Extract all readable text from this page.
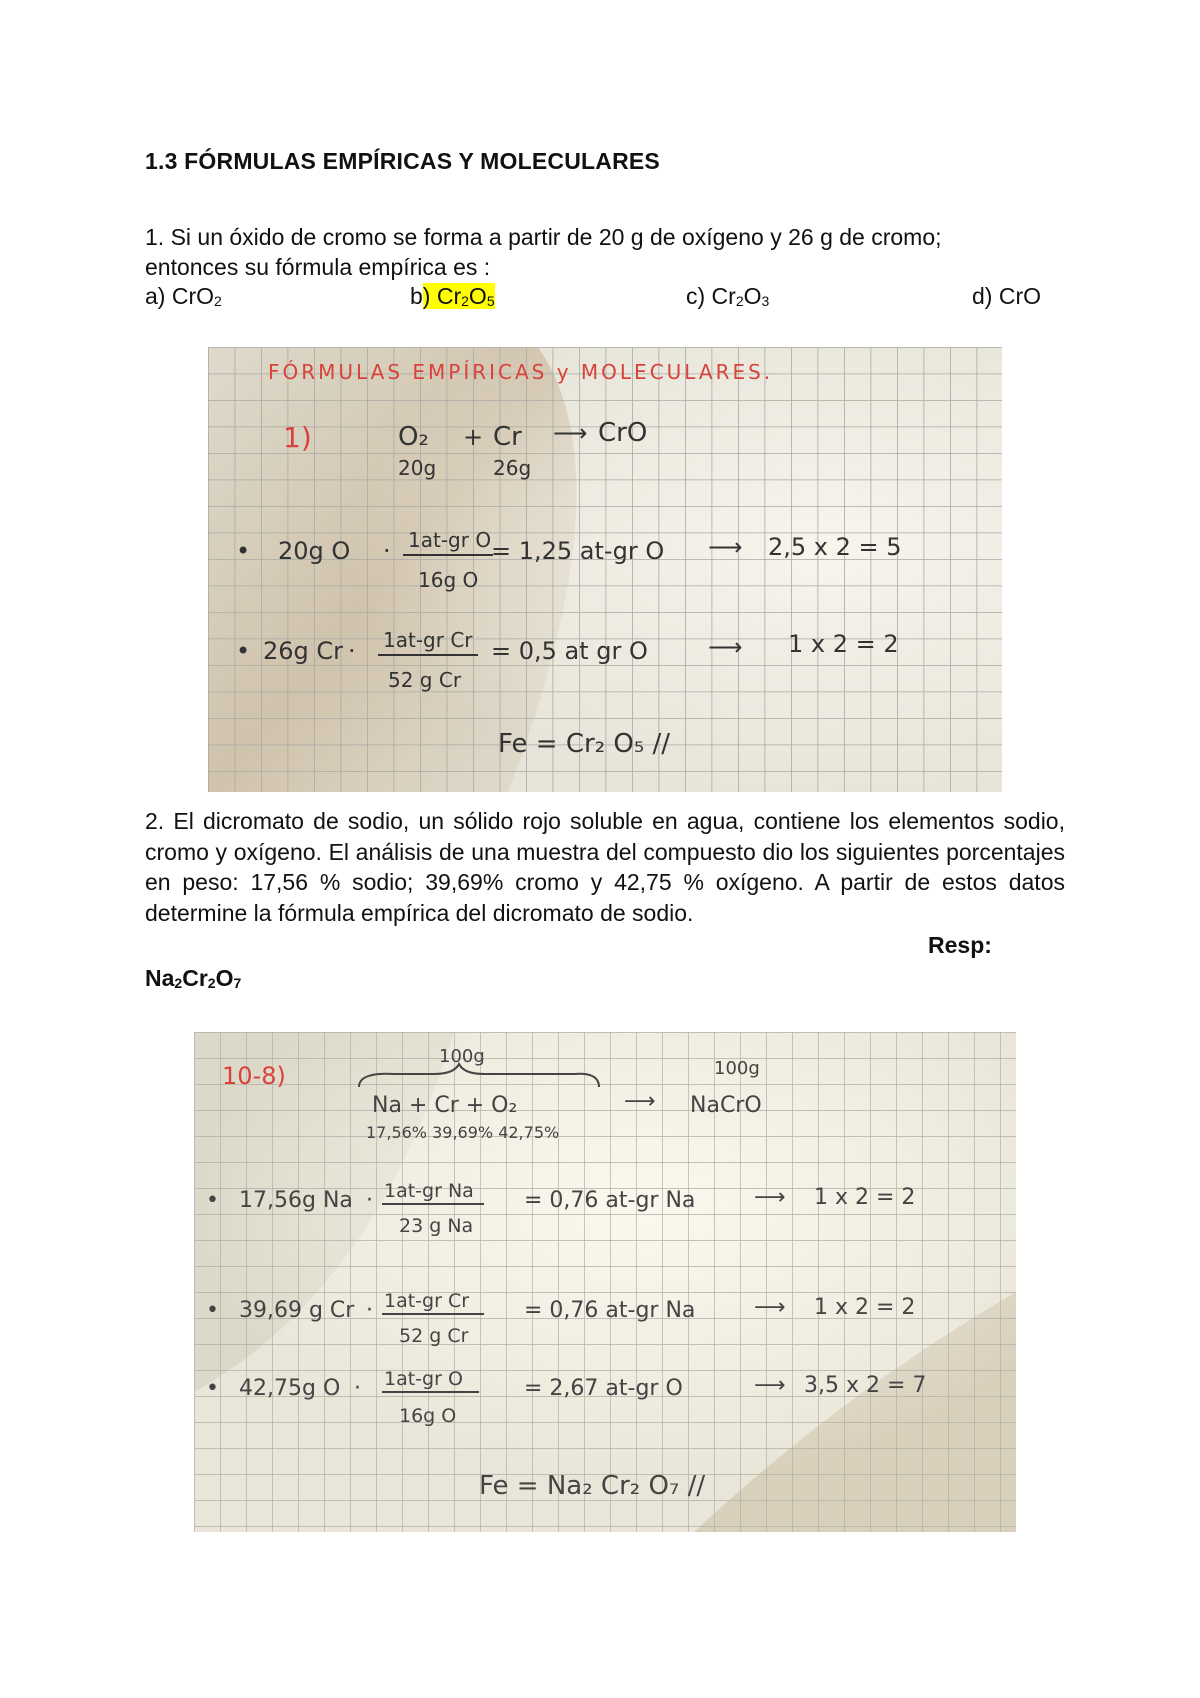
1.3 FÓRMULAS EMPÍRICAS Y MOLECULARES
1. Si un óxido de cromo se forma a partir de 20 g de oxígeno y 26 g de cromo;
entonces su fórmula empírica es :
a) CrO$_2$	b) $Cr_2O_5$	c) $Cr_2O_3$	d) CrO
FÓRMULAS EMPÍRICAS y MOLECULARES.
1)	O₂ + Cr ⟶ CrO
20g	26g
• 20g O · 1at-gr O
16g O
= 1,25 at-gr O ⟶ 2,5 x 2 = 5
• 26g Cr · 1at-gr Cr
52 g Cr
= 0,5 at gr O	⟶ 1 x 2 = 2
Fe = Cr₂ O₅ //
2. El dicromato de sodio, un sólido rojo soluble en agua, contiene los elementos sodio, cromo y oxígeno. El análisis de una muestra del compuesto dio los siguientes porcentajes en peso: 17,56 % sodio; 39,69% cromo y 42,75 % oxígeno. A partir de estos datos determine la fórmula empírica del dicromato de sodio.
Resp:
$Na_2Cr_2O_7$
10-8)
100g
100g
Na + Cr + O₂	⟶ NaCrO
17,56% 39,69% 42,75%
• 17,56g Na · 1at-gr Na
23 g Na
= 0,76 at-gr Na	⟶ 1 x 2 = 2
• 39,69 g Cr · 1at-gr Cr
52 g Cr
= 0,76 at-gr Na	⟶ 1 x 2 = 2
• 42,75g O · 1at-gr O
16g O
= 2,67 at-gr O	⟶ 3,5 x 2 = 7
Fe = Na₂ Cr₂ O₇ //
